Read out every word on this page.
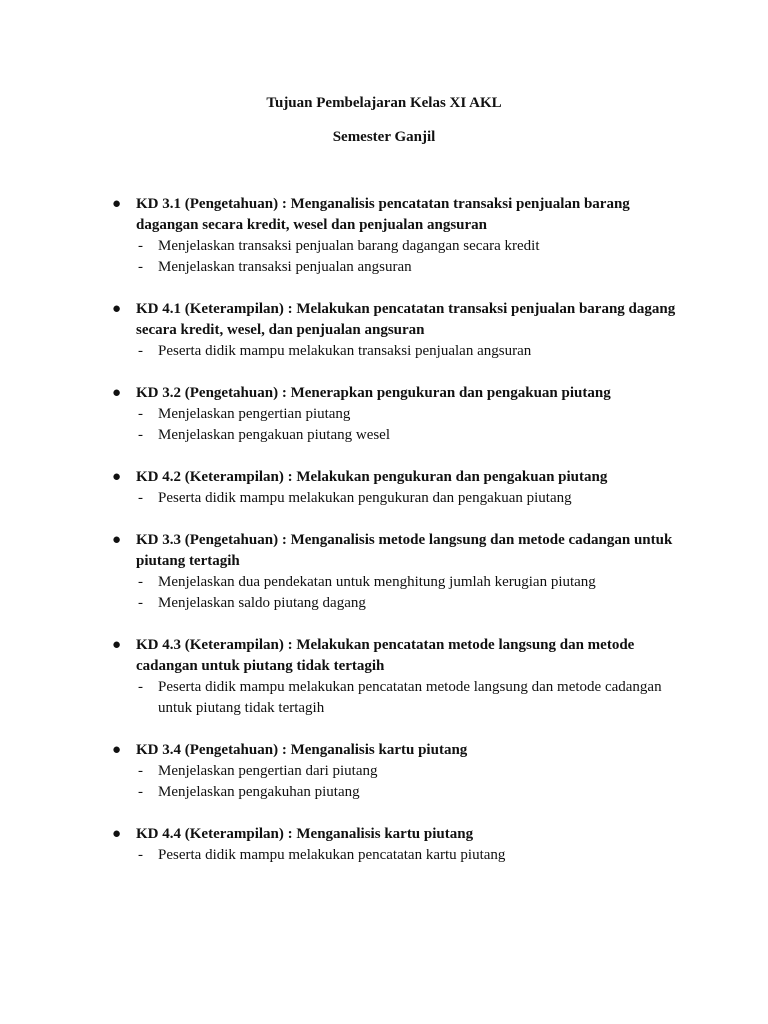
Tujuan Pembelajaran Kelas XI AKL
Semester Ganjil
● KD 3.1 (Pengetahuan) : Menganalisis pencatatan transaksi penjualan barang dagangan secara kredit, wesel dan penjualan angsuran
- Menjelaskan transaksi penjualan barang dagangan secara kredit
- Menjelaskan transaksi penjualan angsuran
● KD 4.1 (Keterampilan) : Melakukan pencatatan transaksi penjualan barang dagang secara kredit, wesel, dan penjualan angsuran
- Peserta didik mampu melakukan transaksi penjualan angsuran
● KD 3.2 (Pengetahuan) : Menerapkan pengukuran dan pengakuan piutang
- Menjelaskan pengertian piutang
- Menjelaskan pengakuan piutang wesel
● KD 4.2 (Keterampilan) : Melakukan pengukuran dan pengakuan piutang
- Peserta didik mampu melakukan pengukuran dan pengakuan piutang
● KD 3.3 (Pengetahuan) : Menganalisis metode langsung dan metode cadangan untuk piutang tertagih
- Menjelaskan dua pendekatan untuk menghitung jumlah kerugian piutang
- Menjelaskan saldo piutang dagang
● KD 4.3 (Keterampilan) : Melakukan pencatatan metode langsung dan metode cadangan untuk piutang tidak tertagih
- Peserta didik mampu melakukan pencatatan metode langsung dan metode cadangan untuk piutang tidak tertagih
● KD 3.4 (Pengetahuan) : Menganalisis kartu piutang
- Menjelaskan pengertian dari piutang
- Menjelaskan pengakuhan piutang
● KD 4.4 (Keterampilan) : Menganalisis kartu piutang
- Peserta didik mampu melakukan pencatatan kartu piutang
